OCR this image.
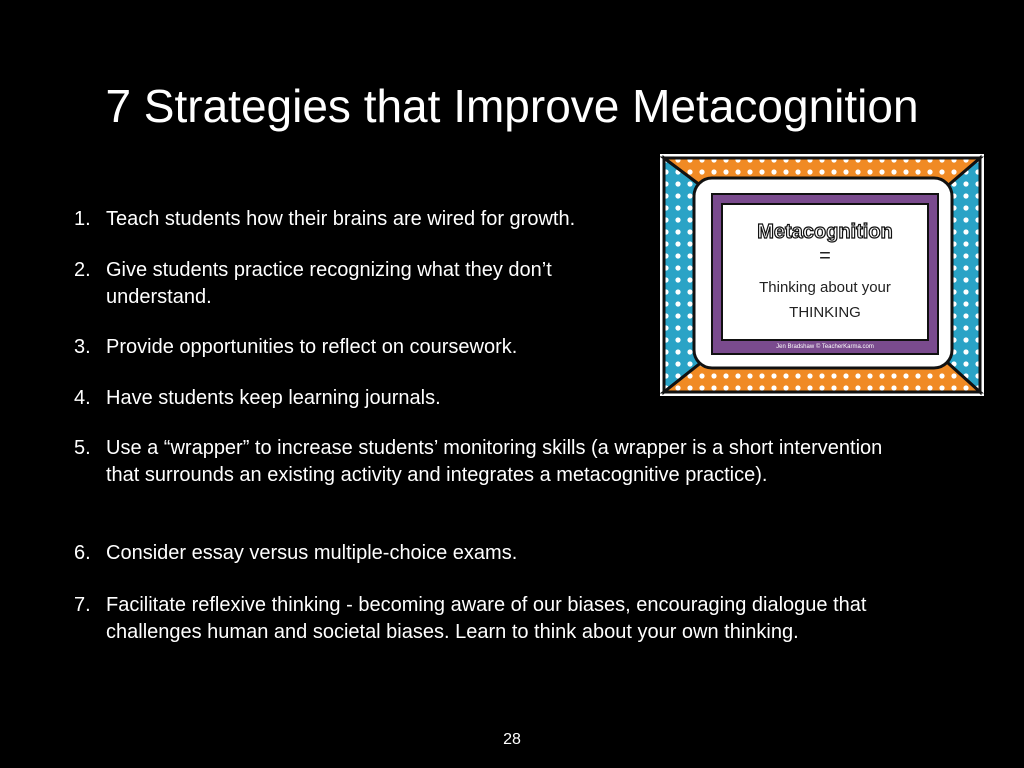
7 Strategies that Improve Metacognition
1. Teach students how their brains are wired for growth.
2. Give students practice recognizing what they don’t understand.
3. Provide opportunities to reflect on coursework.
4. Have students keep learning journals.
5. Use a “wrapper” to increase students’ monitoring skills (a wrapper is a short intervention that surrounds an existing activity and integrates a metacognitive practice).
6. Consider essay versus multiple-choice exams.
7. Facilitate reflexive thinking - becoming aware of our biases, encouraging dialogue that challenges human and societal biases. Learn to think about your own thinking.
Metacognition
=
Thinking about your
THINKING
Jen Bradshaw © TeacherKarma.com
28
